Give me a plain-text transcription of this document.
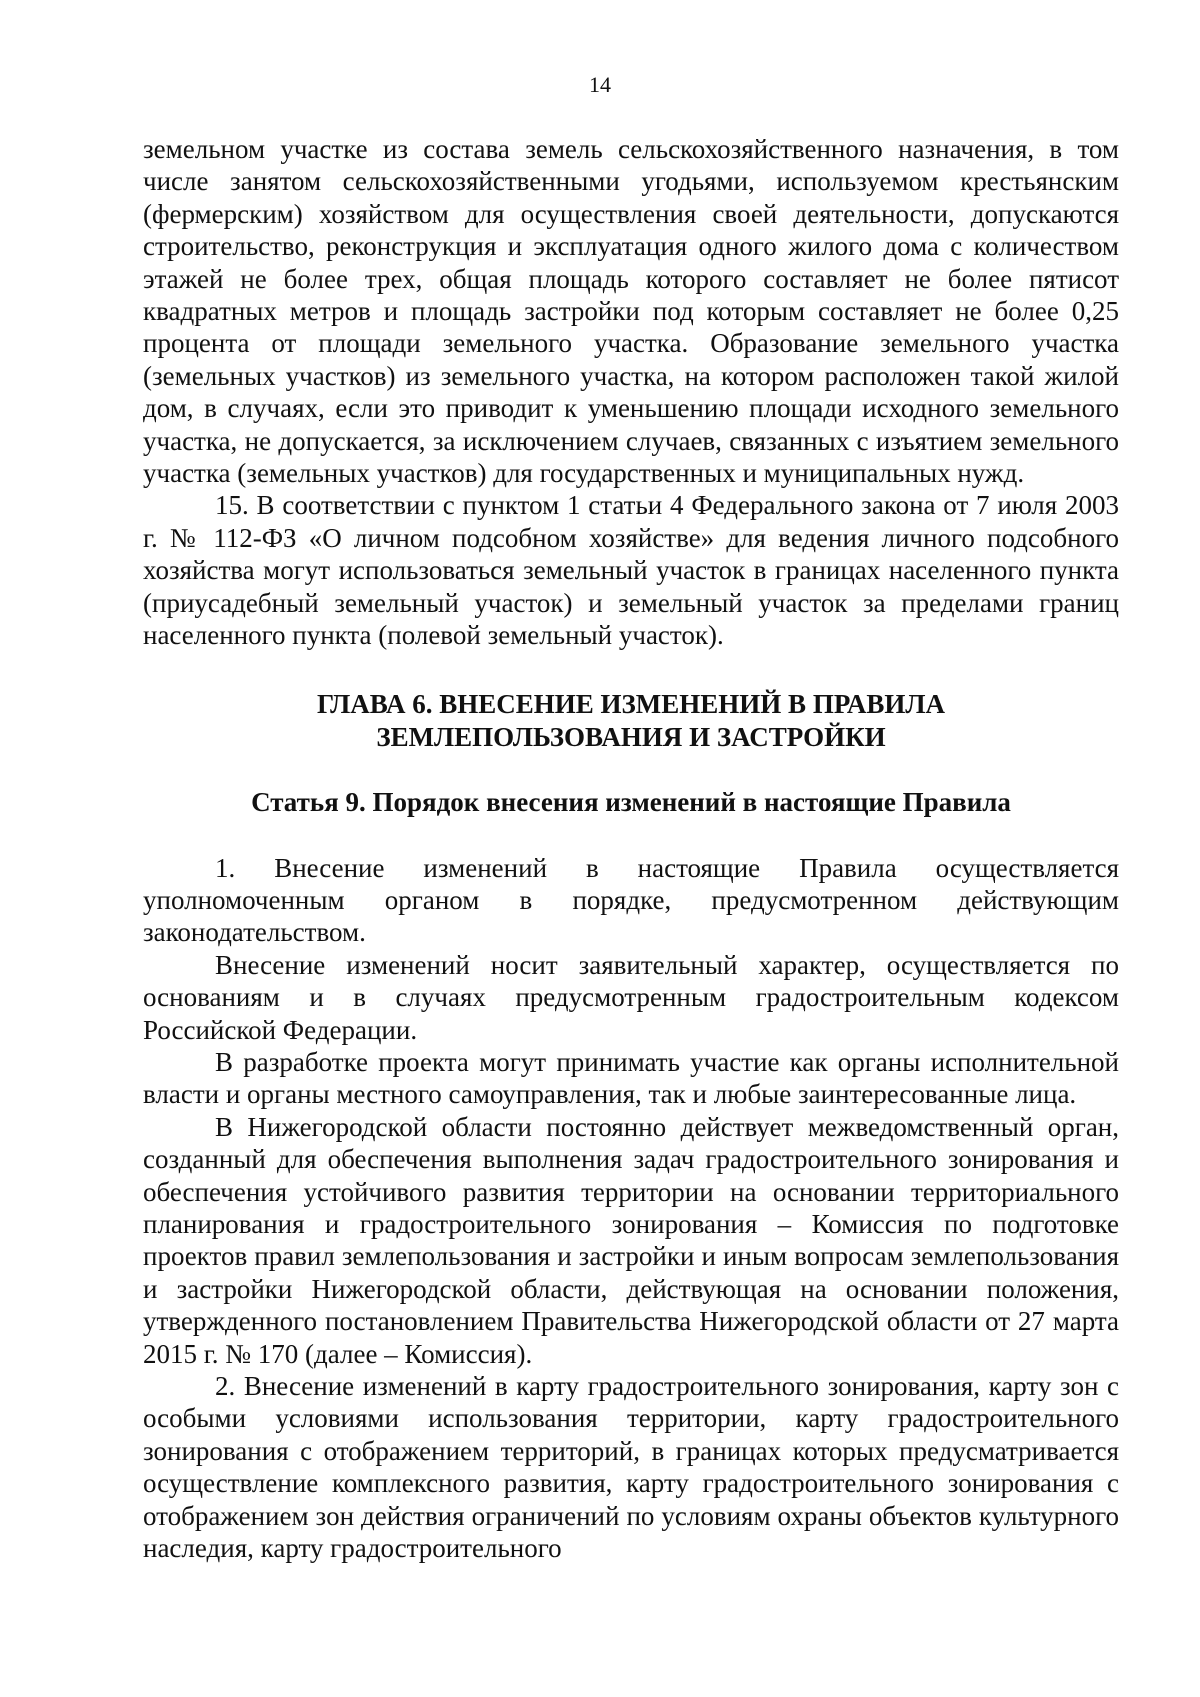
14

земельном участке из состава земель сельскохозяйственного назначения, в том числе занятом сельскохозяйственными угодьями, используемом крестьянским (фермерским) хозяйством для осуществления своей деятельности, допускаются строительство, реконструкция и эксплуатация одного жилого дома с количеством этажей не более трех, общая площадь которого составляет не более пятисот квадратных метров и площадь застройки под которым составляет не более 0,25 процента от площади земельного участка. Образование земельного участка (земельных участков) из земельного участка, на котором расположен такой жилой дом, в случаях, если это приводит к уменьшению площади исходного земельного участка, не допускается, за исключением случаев, связанных с изъятием земельного участка (земельных участков) для государственных и муниципальных нужд.

15. В соответствии с пунктом 1 статьи 4 Федерального закона от 7 июля 2003 г. № 112-ФЗ «О личном подсобном хозяйстве» для ведения личного подсобного хозяйства могут использоваться земельный участок в границах населенного пункта (приусадебный земельный участок) и земельный участок за пределами границ населенного пункта (полевой земельный участок).

ГЛАВА 6. ВНЕСЕНИЕ ИЗМЕНЕНИЙ В ПРАВИЛА
ЗЕМЛЕПОЛЬЗОВАНИЯ И ЗАСТРОЙКИ
Статья 9. Порядок внесения изменений в настоящие Правила

1. Внесение изменений в настоящие Правила осуществляется уполномоченным органом в порядке, предусмотренном действующим законодательством.

Внесение изменений носит заявительный характер, осуществляется по основаниям и в случаях предусмотренным градостроительным кодексом Российской Федерации.

В разработке проекта могут принимать участие как органы исполнительной власти и органы местного самоуправления, так и любые заинтересованные лица.

В Нижегородской области постоянно действует межведомственный орган, созданный для обеспечения выполнения задач градостроительного зонирования и обеспечения устойчивого развития территории на основании территориального планирования и градостроительного зонирования – Комиссия по подготовке проектов правил землепользования и застройки и иным вопросам землепользования и застройки Нижегородской области, действующая на основании положения, утвержденного постановлением Правительства Нижегородской области от 27 марта 2015 г. № 170 (далее – Комиссия).

2. Внесение изменений в карту градостроительного зонирования, карту зон с особыми условиями использования территории, карту градостроительного зонирования с отображением территорий, в границах которых предусматривается осуществление комплексного развития, карту градостроительного зонирования с отображением зон действия ограничений по условиям охраны объектов культурного наследия, карту градостроительного
